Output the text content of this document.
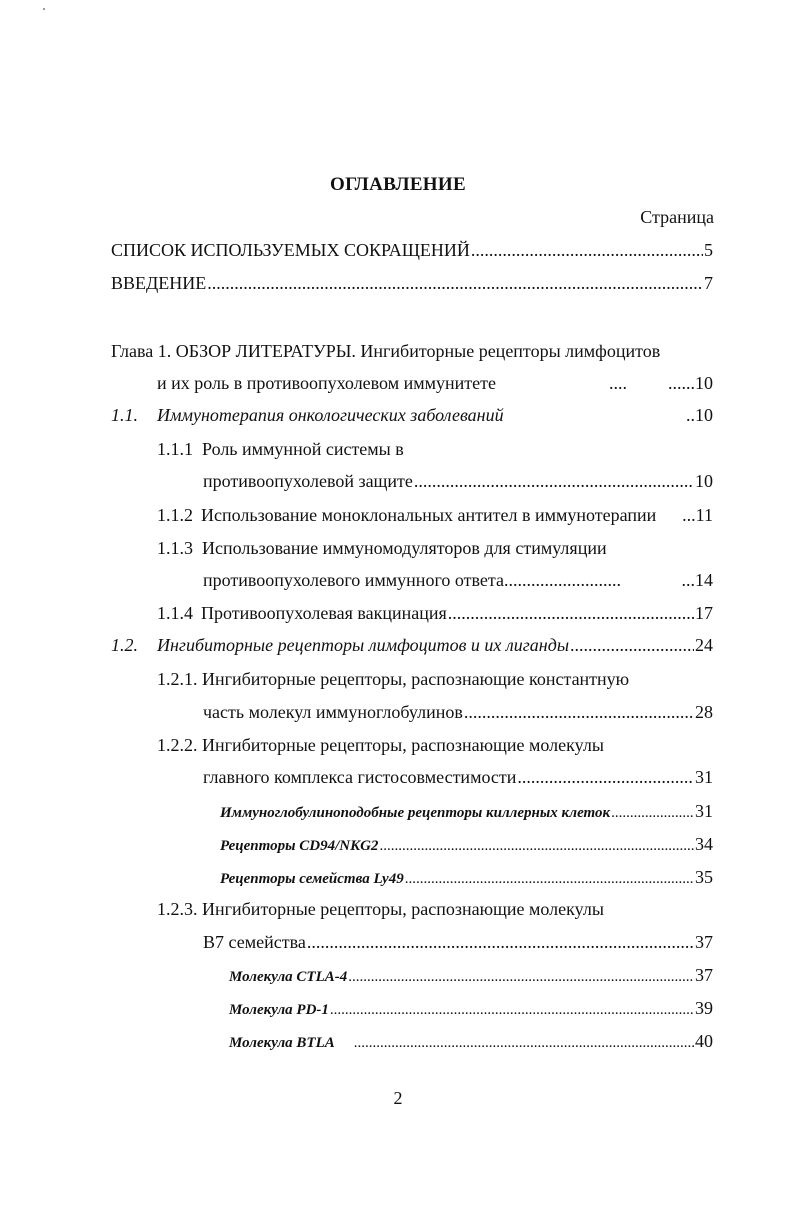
ОГЛАВЛЕНИЕ
Страница
СПИСОК ИСПОЛЬЗУЕМЫХ СОКРАЩЕНИЙ .....	5
ВВЕДЕНИЕ .....	7
Глава 1. ОБЗОР ЛИТЕРАТУРЫ. Ингибиторные рецепторы лимфоцитов
и их роль в противоопухолевом иммунитете	.... ......10
1.1.	Иммунотерапия онкологических заболеваний	..10
1.1.1 Роль иммунной системы в
противоопухолевой защите .....	10
1.1.2 Использование моноклональных антител в иммунотерапии ...11
1.1.3 Использование иммуномодуляторов для стимуляции
противоопухолевого иммунного ответа ..........................	...14
1.1.4 Противоопухолевая вакцинация .....	17
1.2.	Ингибиторные рецепторы лимфоцитов и их лиганды .....	24
1.2.1. Ингибиторные рецепторы, распознающие константную
часть молекул иммуноглобулинов .....	28
1.2.2. Ингибиторные рецепторы, распознающие молекулы
главного комплекса гистосовместимости .....	31
Иммуноглобулиноподобные рецепторы киллерных клеток .....	31
Рецепторы CD94/NKG2 .....	34
Рецепторы семейства Ly49 .....	35
1.2.3. Ингибиторные рецепторы, распознающие молекулы
В7 семейства .....	37
Молекула CTLA-4 .....	37
Молекула PD-1 .....	39
Молекула BTLA .....	40
2
